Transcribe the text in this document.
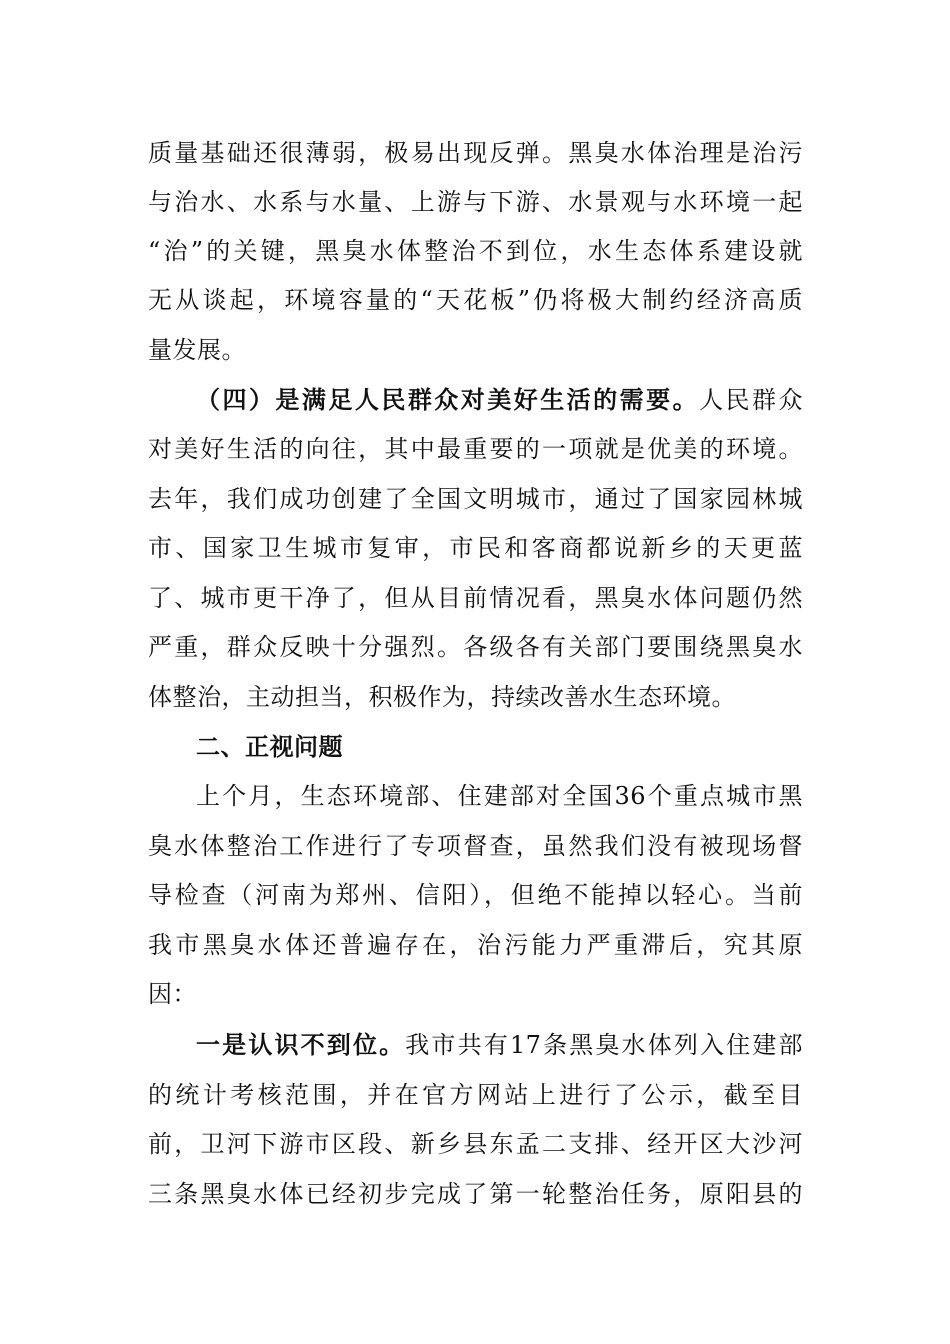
质量基础还很薄弱，极易出现反弹。黑臭水体治理是治污
与治水、水系与水量、上游与下游、水景观与水环境一起
“治”的关键，黑臭水体整治不到位，水生态体系建设就
无从谈起，环境容量的“天花板”仍将极大制约经济高质
量发展。
（四）是满足人民群众对美好生活的需要。人民群众
对美好生活的向往，其中最重要的一项就是优美的环境。
去年，我们成功创建了全国文明城市，通过了国家园林城
市、国家卫生城市复审，市民和客商都说新乡的天更蓝
了、城市更干净了，但从目前情况看，黑臭水体问题仍然
严重，群众反映十分强烈。各级各有关部门要围绕黑臭水
体整治，主动担当，积极作为，持续改善水生态环境。
二、正视问题
上个月，生态环境部、住建部对全国36个重点城市黑
臭水体整治工作进行了专项督查，虽然我们没有被现场督
导检查（河南为郑州、信阳），但绝不能掉以轻心。当前
我市黑臭水体还普遍存在，治污能力严重滞后，究其原
因：
一是认识不到位。我市共有17条黑臭水体列入住建部
的统计考核范围，并在官方网站上进行了公示，截至目
前，卫河下游市区段、新乡县东孟二支排、经开区大沙河
三条黑臭水体已经初步完成了第一轮整治任务，原阳县的
